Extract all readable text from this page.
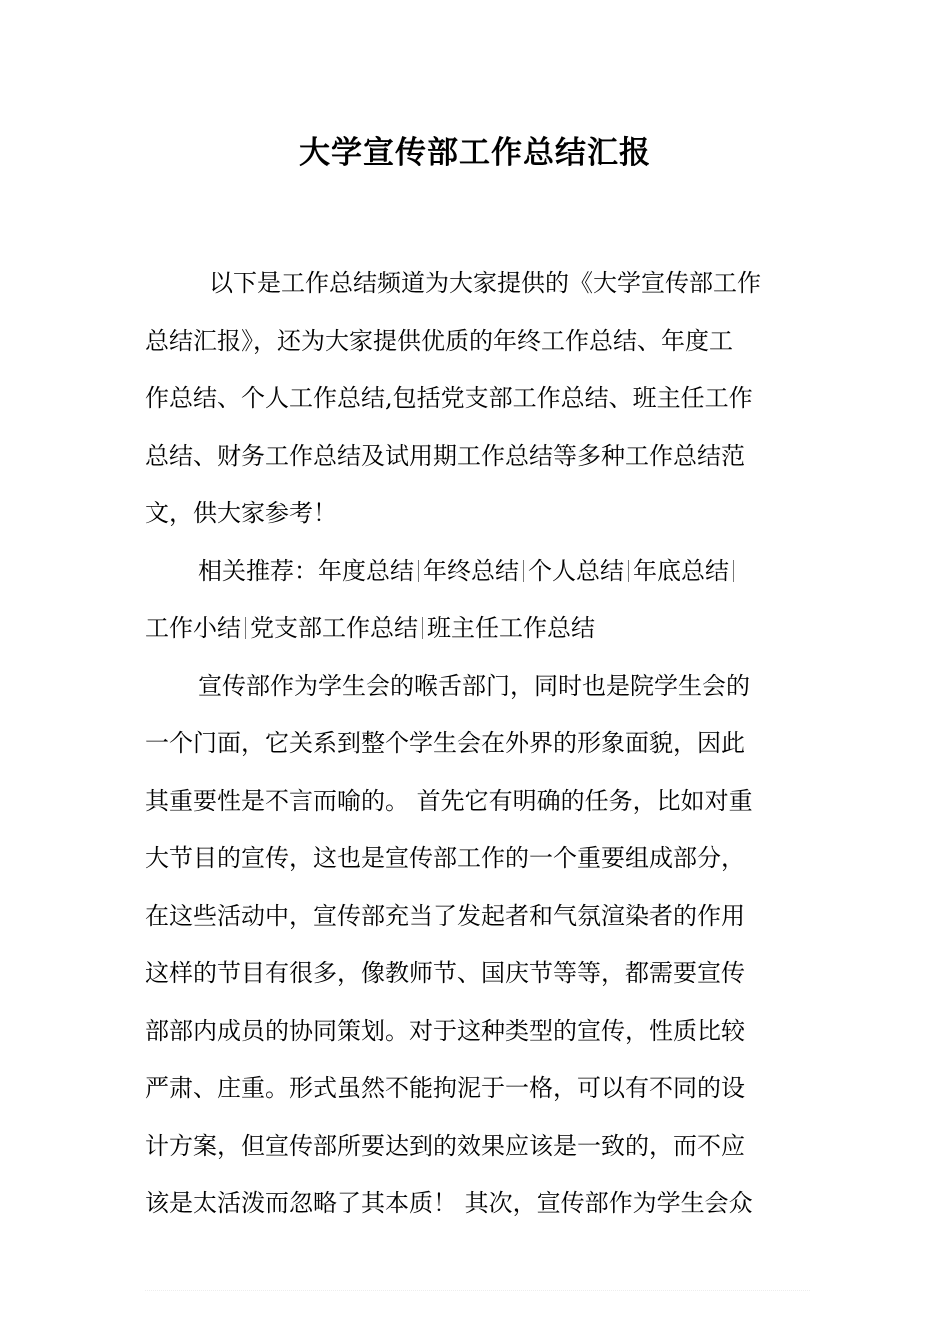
大学宣传部工作总结汇报
以下是工作总结频道为大家提供的《大学宣传部工作
总结汇报》，还为大家提供优质的年终工作总结、年度工
作总结、个人工作总结,包括党支部工作总结、班主任工作
总结、财务工作总结及试用期工作总结等多种工作总结范
文，供大家参考！
相关推荐：年度总结 年终总结 个人总结 年底总结
工作小结 党支部工作总结 班主任工作总结
宣传部作为学生会的喉舌部门，同时也是院学生会的
一个门面，它关系到整个学生会在外界的形象面貌，因此
其重要性是不言而喻的。 首先它有明确的任务，比如对重
大节目的宣传，这也是宣传部工作的一个重要组成部分，
在这些活动中，宣传部充当了发起者和气氛渲染者的作用
这样的节目有很多，像教师节、国庆节等等，都需要宣传
部部内成员的协同策划。对于这种类型的宣传，性质比较
严肃、庄重。形式虽然不能拘泥于一格，可以有不同的设
计方案，但宣传部所要达到的效果应该是一致的，而不应
该是太活泼而忽略了其本质！ 其次，宣传部作为学生会众
